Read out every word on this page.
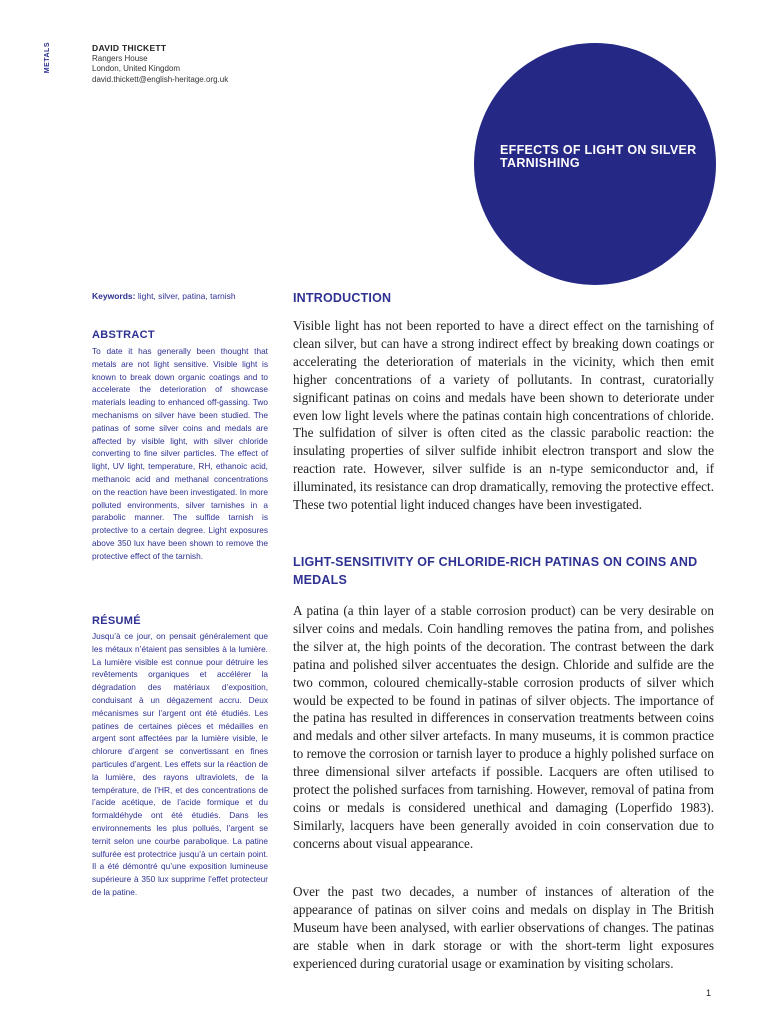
METALS	DAVID THICKETT
Rangers House
London, United Kingdom
david.thickett@english-heritage.org.uk
EFFECTS OF LIGHT ON SILVER TARNISHING
Keywords: light, silver, patina, tarnish
ABSTRACT
To date it has generally been thought that metals are not light sensitive. Visible light is known to break down organic coatings and to accelerate the deterioration of showcase materials leading to enhanced off-gassing. Two mechanisms on silver have been studied. The patinas of some silver coins and medals are affected by visible light, with silver chloride converting to fine silver particles. The effect of light, UV light, temperature, RH, ethanoic acid, methanoic acid and methanal concentrations on the reaction have been investigated. In more polluted environments, silver tarnishes in a parabolic manner. The sulfide tarnish is protective to a certain degree. Light exposures above 350 lux have been shown to remove the protective effect of the tarnish.
RÉSUMÉ
Jusqu’à ce jour, on pensait généralement que les métaux n’étaient pas sensibles à la lumière. La lumière visible est connue pour détruire les revêtements organiques et accélérer la dégradation des matériaux d’exposition, conduisant à un dégazement accru. Deux mécanismes sur l’argent ont été étudiés. Les patines de certaines pièces et médailles en argent sont affectées par la lumière visible, le chlorure d’argent se convertissant en fines particules d’argent. Les effets sur la réaction de la lumière, des rayons ultraviolets, de la température, de l’HR, et des concentrations de l’acide acétique, de l’acide formique et du formaldéhyde ont été étudiés. Dans les environnements les plus pollués, l’argent se ternit selon une courbe parabolique. La patine sulfurée est protectrice jusqu’à un certain point. Il a été démontré qu’une exposition lumineuse supérieure à 350 lux supprime l’effet protecteur de la patine.
INTRODUCTION

Visible light has not been reported to have a direct effect on the tarnishing of clean silver, but can have a strong indirect effect by breaking down coatings or accelerating the deterioration of materials in the vicinity, which then emit higher concentrations of a variety of pollutants. In contrast, curatorially significant patinas on coins and medals have been shown to deteriorate under even low light levels where the patinas contain high concentrations of chloride. The sulfidation of silver is often cited as the classic parabolic reaction: the insulating properties of silver sulfide inhibit electron transport and slow the reaction rate. However, silver sulfide is an n-type semiconductor and, if illuminated, its resistance can drop dramatically, removing the protective effect. These two potential light induced changes have been investigated.

LIGHT-SENSITIVITY OF CHLORIDE-RICH PATINAS ON COINS AND MEDALS

A patina (a thin layer of a stable corrosion product) can be very desirable on silver coins and medals. Coin handling removes the patina from, and polishes the silver at, the high points of the decoration. The contrast between the dark patina and polished silver accentuates the design. Chloride and sulfide are the two common, coloured chemically-stable corrosion products of silver which would be expected to be found in patinas of silver objects. The importance of the patina has resulted in differences in conservation treatments between coins and medals and other silver artefacts. In many museums, it is common practice to remove the corrosion or tarnish layer to produce a highly polished surface on three dimensional silver artefacts if possible. Lacquers are often utilised to protect the polished surfaces from tarnishing. However, removal of patina from coins or medals is considered unethical and damaging (Loperfido 1983). Similarly, lacquers have been generally avoided in coin conservation due to concerns about visual appearance.

Over the past two decades, a number of instances of alteration of the appearance of patinas on silver coins and medals on display in The British Museum have been analysed, with earlier observations of changes. The patinas are stable when in dark storage or with the short-term light exposures experienced during curatorial usage or examination by visiting scholars.

1
